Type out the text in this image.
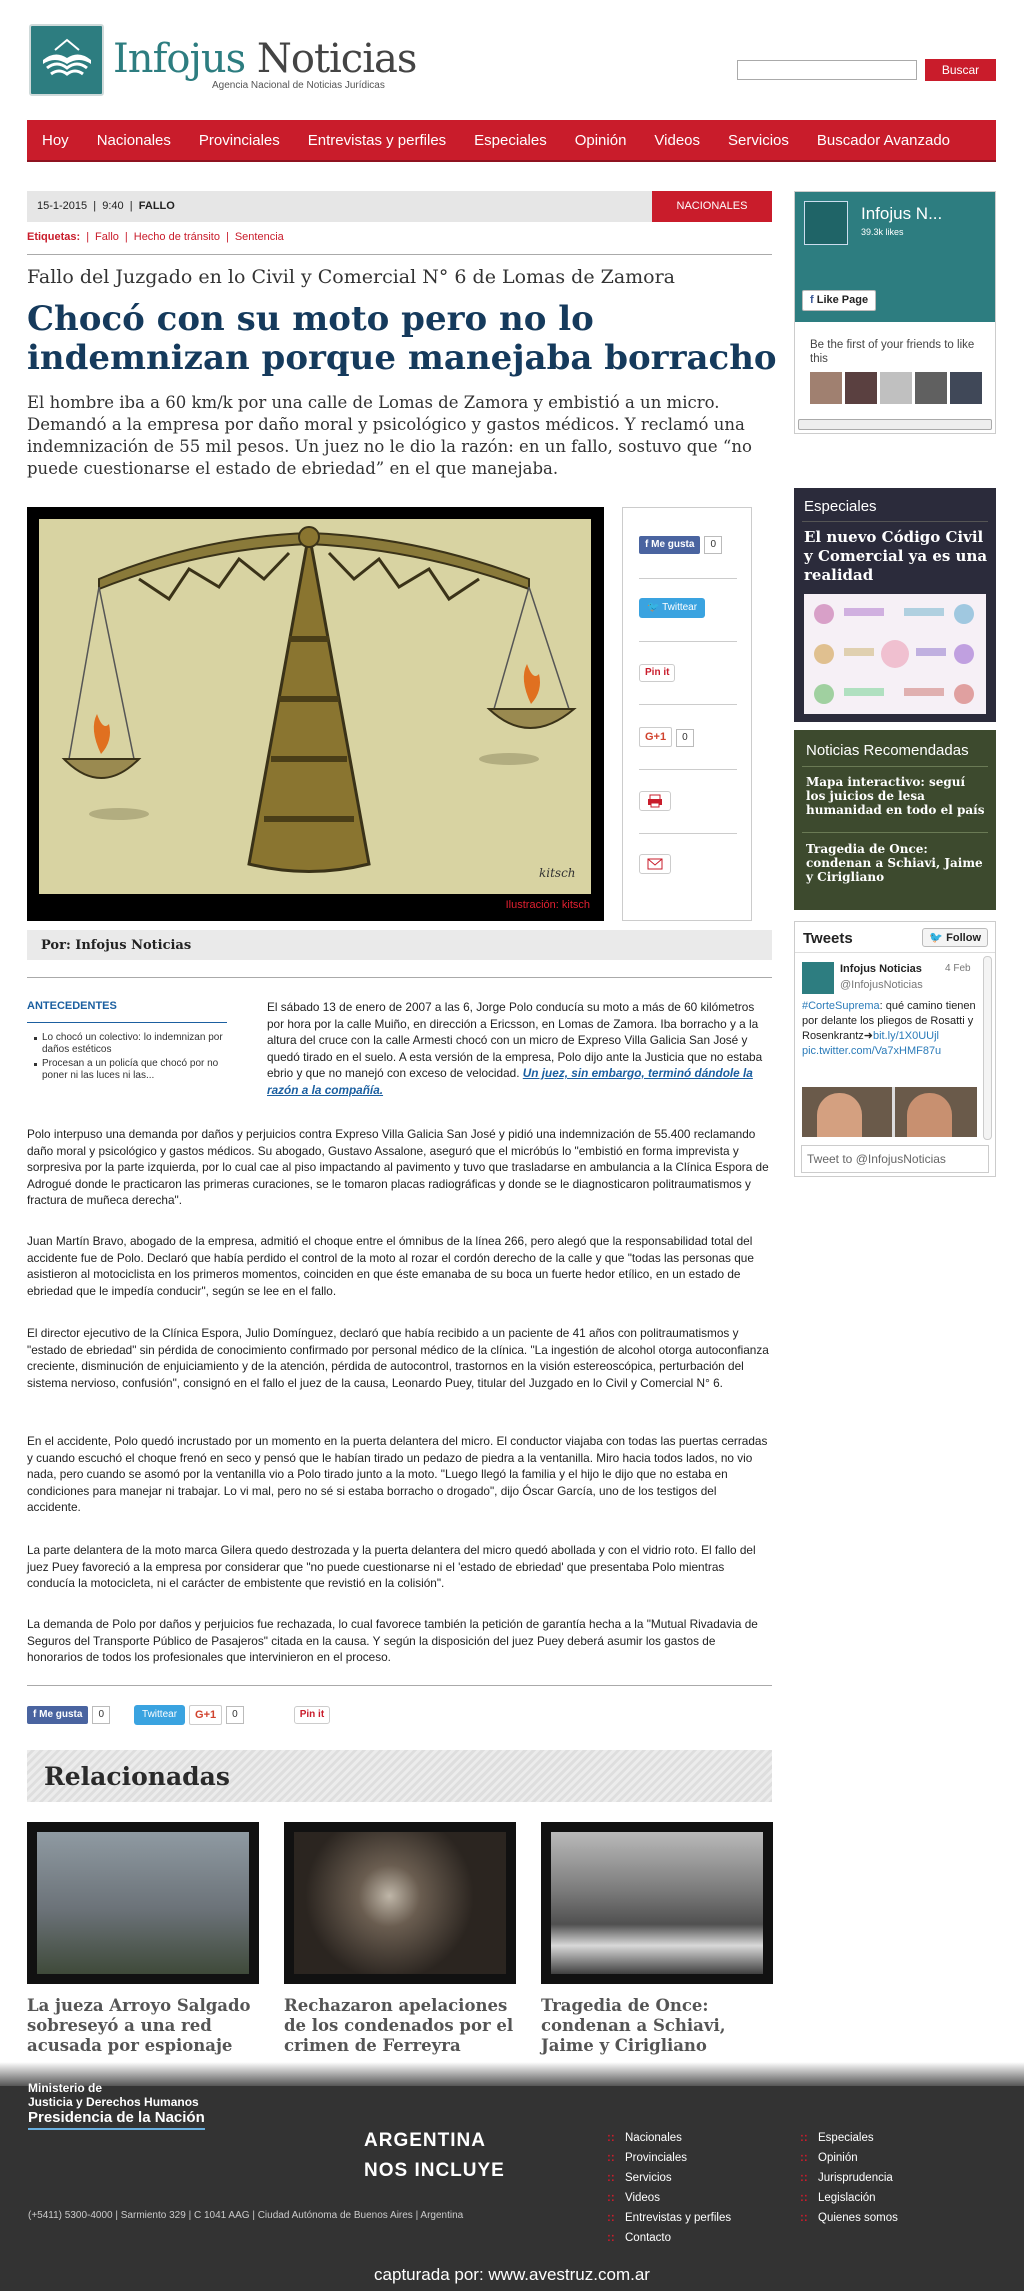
Infojus Noticias
Agencia Nacional de Noticias Jurídicas
Buscar
Hoy Nacionales Provinciales Entrevistas y perfiles Especiales Opinión Videos Servicios Buscador Avanzado
15-1-2015  |  9:40  |  FALLO	NACIONALES
Etiquetas: | Fallo | Hecho de tránsito | Sentencia
Fallo del Juzgado en lo Civil y Comercial N° 6 de Lomas de Zamora
Chocó con su moto pero no lo indemnizan porque manejaba borracho

El hombre iba a 60 km/k por una calle de Lomas de Zamora y embistió a un micro. Demandó a la empresa por daño moral y psicológico y gastos médicos. Y reclamó una indemnización de 55 mil pesos. Un juez no le dio la razón: en un fallo, sostuvo que “no puede cuestionarse el estado de ebriedad” en el que manejaba.

kitsch
Ilustración: kitsch
f Me gusta 0
🐦 Twittear
Pin it
G+1 0
Por: Infojus Noticias
ANTECEDENTES
Lo chocó un colectivo: lo indemnizan por daños estéticos
Procesan a un policía que chocó por no poner ni las luces ni las...

El sábado 13 de enero de 2007 a las 6, Jorge Polo conducía su moto a más de 60 kilómetros por hora por la calle Muiño, en dirección a Ericsson, en Lomas de Zamora. Iba borracho y a la altura del cruce con la calle Armesti chocó con un micro de Expreso Villa Galicia San José y quedó tirado en el suelo. A esta versión de la empresa, Polo dijo ante la Justicia que no estaba ebrio y que no manejó con exceso de velocidad. Un juez, sin embargo, terminó dándole la razón a la compañía.

Polo interpuso una demanda por daños y perjuicios contra Expreso Villa Galicia San José y pidió una indemnización de 55.400 reclamando daño moral y psicológico y gastos médicos. Su abogado, Gustavo Assalone, aseguró que el micróbús lo "embistió en forma imprevista y sorpresiva por la parte izquierda, por lo cual cae al piso impactando al pavimento y tuvo que trasladarse en ambulancia a la Clínica Espora de Adrogué donde le practicaron las primeras curaciones, se le tomaron placas radiográficas y donde se le diagnosticaron politraumatismos y fractura de muñeca derecha".

Juan Martín Bravo, abogado de la empresa, admitió el choque entre el ómnibus de la línea 266, pero alegó que la responsabilidad total del accidente fue de Polo. Declaró que había perdido el control de la moto al rozar el cordón derecho de la calle y que "todas las personas que asistieron al motociclista en los primeros momentos, coinciden en que éste emanaba de su boca un fuerte hedor etílico, en un estado de ebriedad que le impedía conducir", según se lee en el fallo.

El director ejecutivo de la Clínica Espora, Julio Domínguez, declaró que había recibido a un paciente de 41 años con politraumatismos y "estado de ebriedad" sin pérdida de conocimiento confirmado por personal médico de la clínica. "La ingestión de alcohol otorga autoconfianza creciente, disminución de enjuiciamiento y de la atención, pérdida de autocontrol, trastornos en la visión estereoscópica, perturbación del sistema nervioso, confusión", consignó en el fallo el juez de la causa, Leonardo Puey, titular del Juzgado en lo Civil y Comercial N° 6.

En el accidente, Polo quedó incrustado por un momento en la puerta delantera del micro. El conductor viajaba con todas las puertas cerradas y cuando escuchó el choque frenó en seco y pensó que le habían tirado un pedazo de piedra a la ventanilla. Miro hacia todos lados, no vio nada, pero cuando se asomó por la ventanilla vio a Polo tirado junto a la moto. "Luego llegó la familia y el hijo le dijo que no estaba en condiciones para manejar ni trabajar. Lo vi mal, pero no sé si estaba borracho o drogado", dijo Óscar García, uno de los testigos del accidente.

La parte delantera de la moto marca Gilera quedo destrozada y la puerta delantera del micro quedó abollada y con el vidrio roto. El fallo del juez Puey favoreció a la empresa por considerar que "no puede cuestionarse ni el 'estado de ebriedad' que presentaba Polo mientras conducía la motocicleta, ni el carácter de embistente que revistió en la colisión".

La demanda de Polo por daños y perjuicios fue rechazada, lo cual favorece también la petición de garantía hecha a la "Mutual Rivadavia de Seguros del Transporte Público de Pasajeros" citada en la causa. Y según la disposición del juez Puey deberá asumir los gastos de honorarios de todos los profesionales que intervinieron en el proceso.

f Me gusta	0	Twittear	G+1	0	Pin it
Relacionadas
La jueza Arroyo Salgado sobreseyó a una red acusada por espionaje
Rechazaron apelaciones de los condenados por el crimen de Ferreyra
Tragedia de Once: condenan a Schiavi, Jaime y Cirigliano
Infojus N...
39.3k likes
f Like Page
Be the first of your friends to like this
Especiales
El nuevo Código Civil y Comercial ya es una realidad
Noticias Recomendadas
Mapa interactivo: seguí los juicios de lesa humanidad en todo el país
Tragedia de Once: condenan a Schiavi, Jaime y Cirigliano
Tweets	🐦 Follow
Infojus Noticias
@InfojusNoticias
4 Feb
#CorteSuprema: qué camino tienen por delante los pliegos de Rosatti y Rosenkrantz➜bit.ly/1X0UUjl pic.twitter.com/Va7xHMF87u
Tweet to @InfojusNoticias
Ministerio de
Justicia y Derechos Humanos
Presidencia de la Nación
ARGENTINA
NOS INCLUYE
(+5411) 5300-4000 | Sarmiento 329 | C 1041 AAG | Ciudad Autónoma de Buenos Aires | Argentina
:: Nacionales
:: Provinciales
:: Servicios
:: Videos
:: Entrevistas y perfiles
:: Contacto
:: Especiales
:: Opinión
:: Jurisprudencia
:: Legislación
:: Quienes somos
capturada por: www.avestruz.com.ar
